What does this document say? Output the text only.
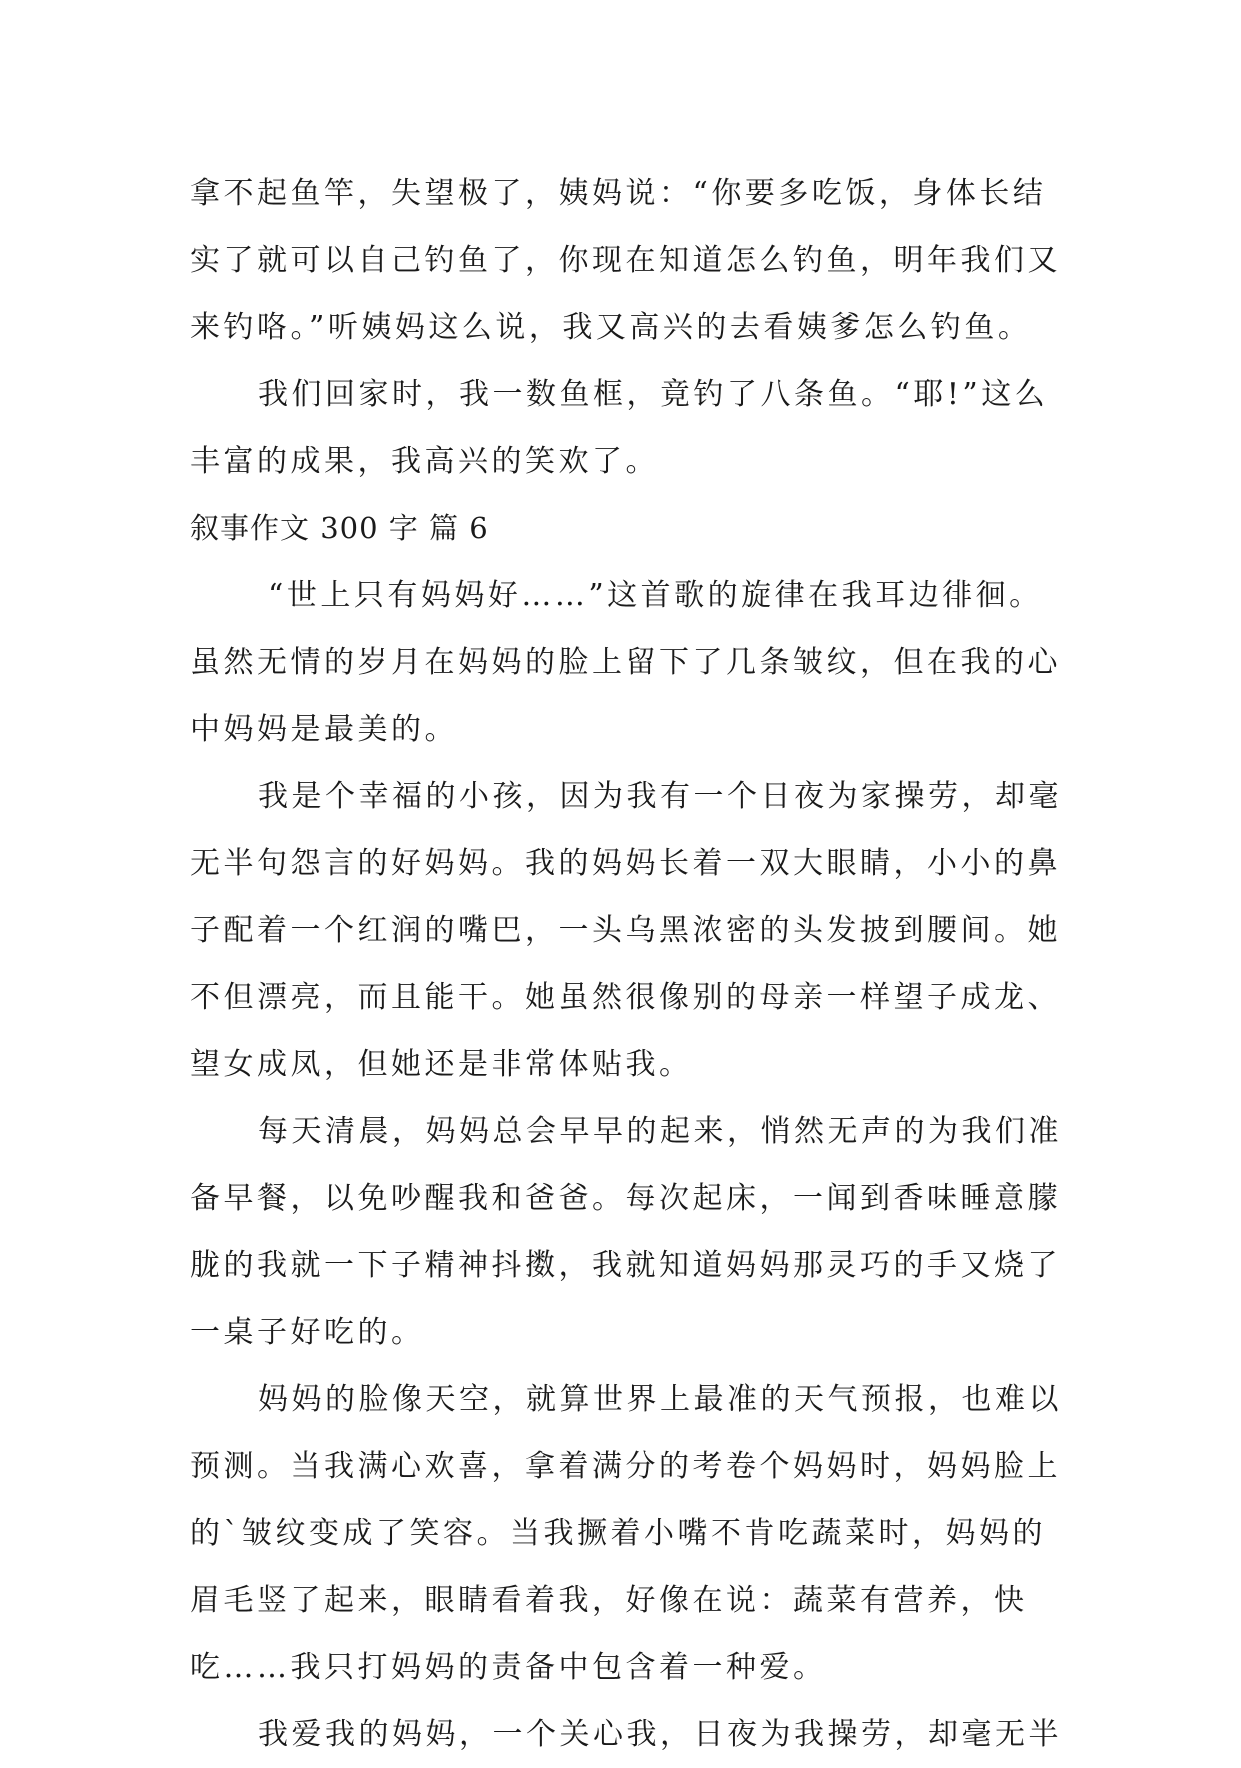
拿不起鱼竿，失望极了，姨妈说：“你要多吃饭，身体长结
实了就可以自己钓鱼了，你现在知道怎么钓鱼，明年我们又
来钓咯。”听姨妈这么说，我又高兴的去看姨爹怎么钓鱼。
我们回家时，我一数鱼框，竟钓了八条鱼。“耶!”这么
丰富的成果，我高兴的笑欢了。
叙事作文 300 字 篇 6
“世上只有妈妈好……”这首歌的旋律在我耳边徘徊。
虽然无情的岁月在妈妈的脸上留下了几条皱纹，但在我的心
中妈妈是最美的。
我是个幸福的小孩，因为我有一个日夜为家操劳，却毫
无半句怨言的好妈妈。我的妈妈长着一双大眼睛，小小的鼻
子配着一个红润的嘴巴，一头乌黑浓密的头发披到腰间。她
不但漂亮，而且能干。她虽然很像别的母亲一样望子成龙、
望女成凤，但她还是非常体贴我。
每天清晨，妈妈总会早早的起来，悄然无声的为我们准
备早餐，以免吵醒我和爸爸。每次起床，一闻到香味睡意朦
胧的我就一下子精神抖擞，我就知道妈妈那灵巧的手又烧了
一桌子好吃的。
妈妈的脸像天空，就算世界上最准的天气预报，也难以
预测。当我满心欢喜，拿着满分的考卷个妈妈时，妈妈脸上
的`皱纹变成了笑容。当我撅着小嘴不肯吃蔬菜时，妈妈的
眉毛竖了起来，眼睛看着我，好像在说：蔬菜有营养，快
吃……我只打妈妈的责备中包含着一种爱。
我爱我的妈妈，一个关心我，日夜为我操劳，却毫无半
